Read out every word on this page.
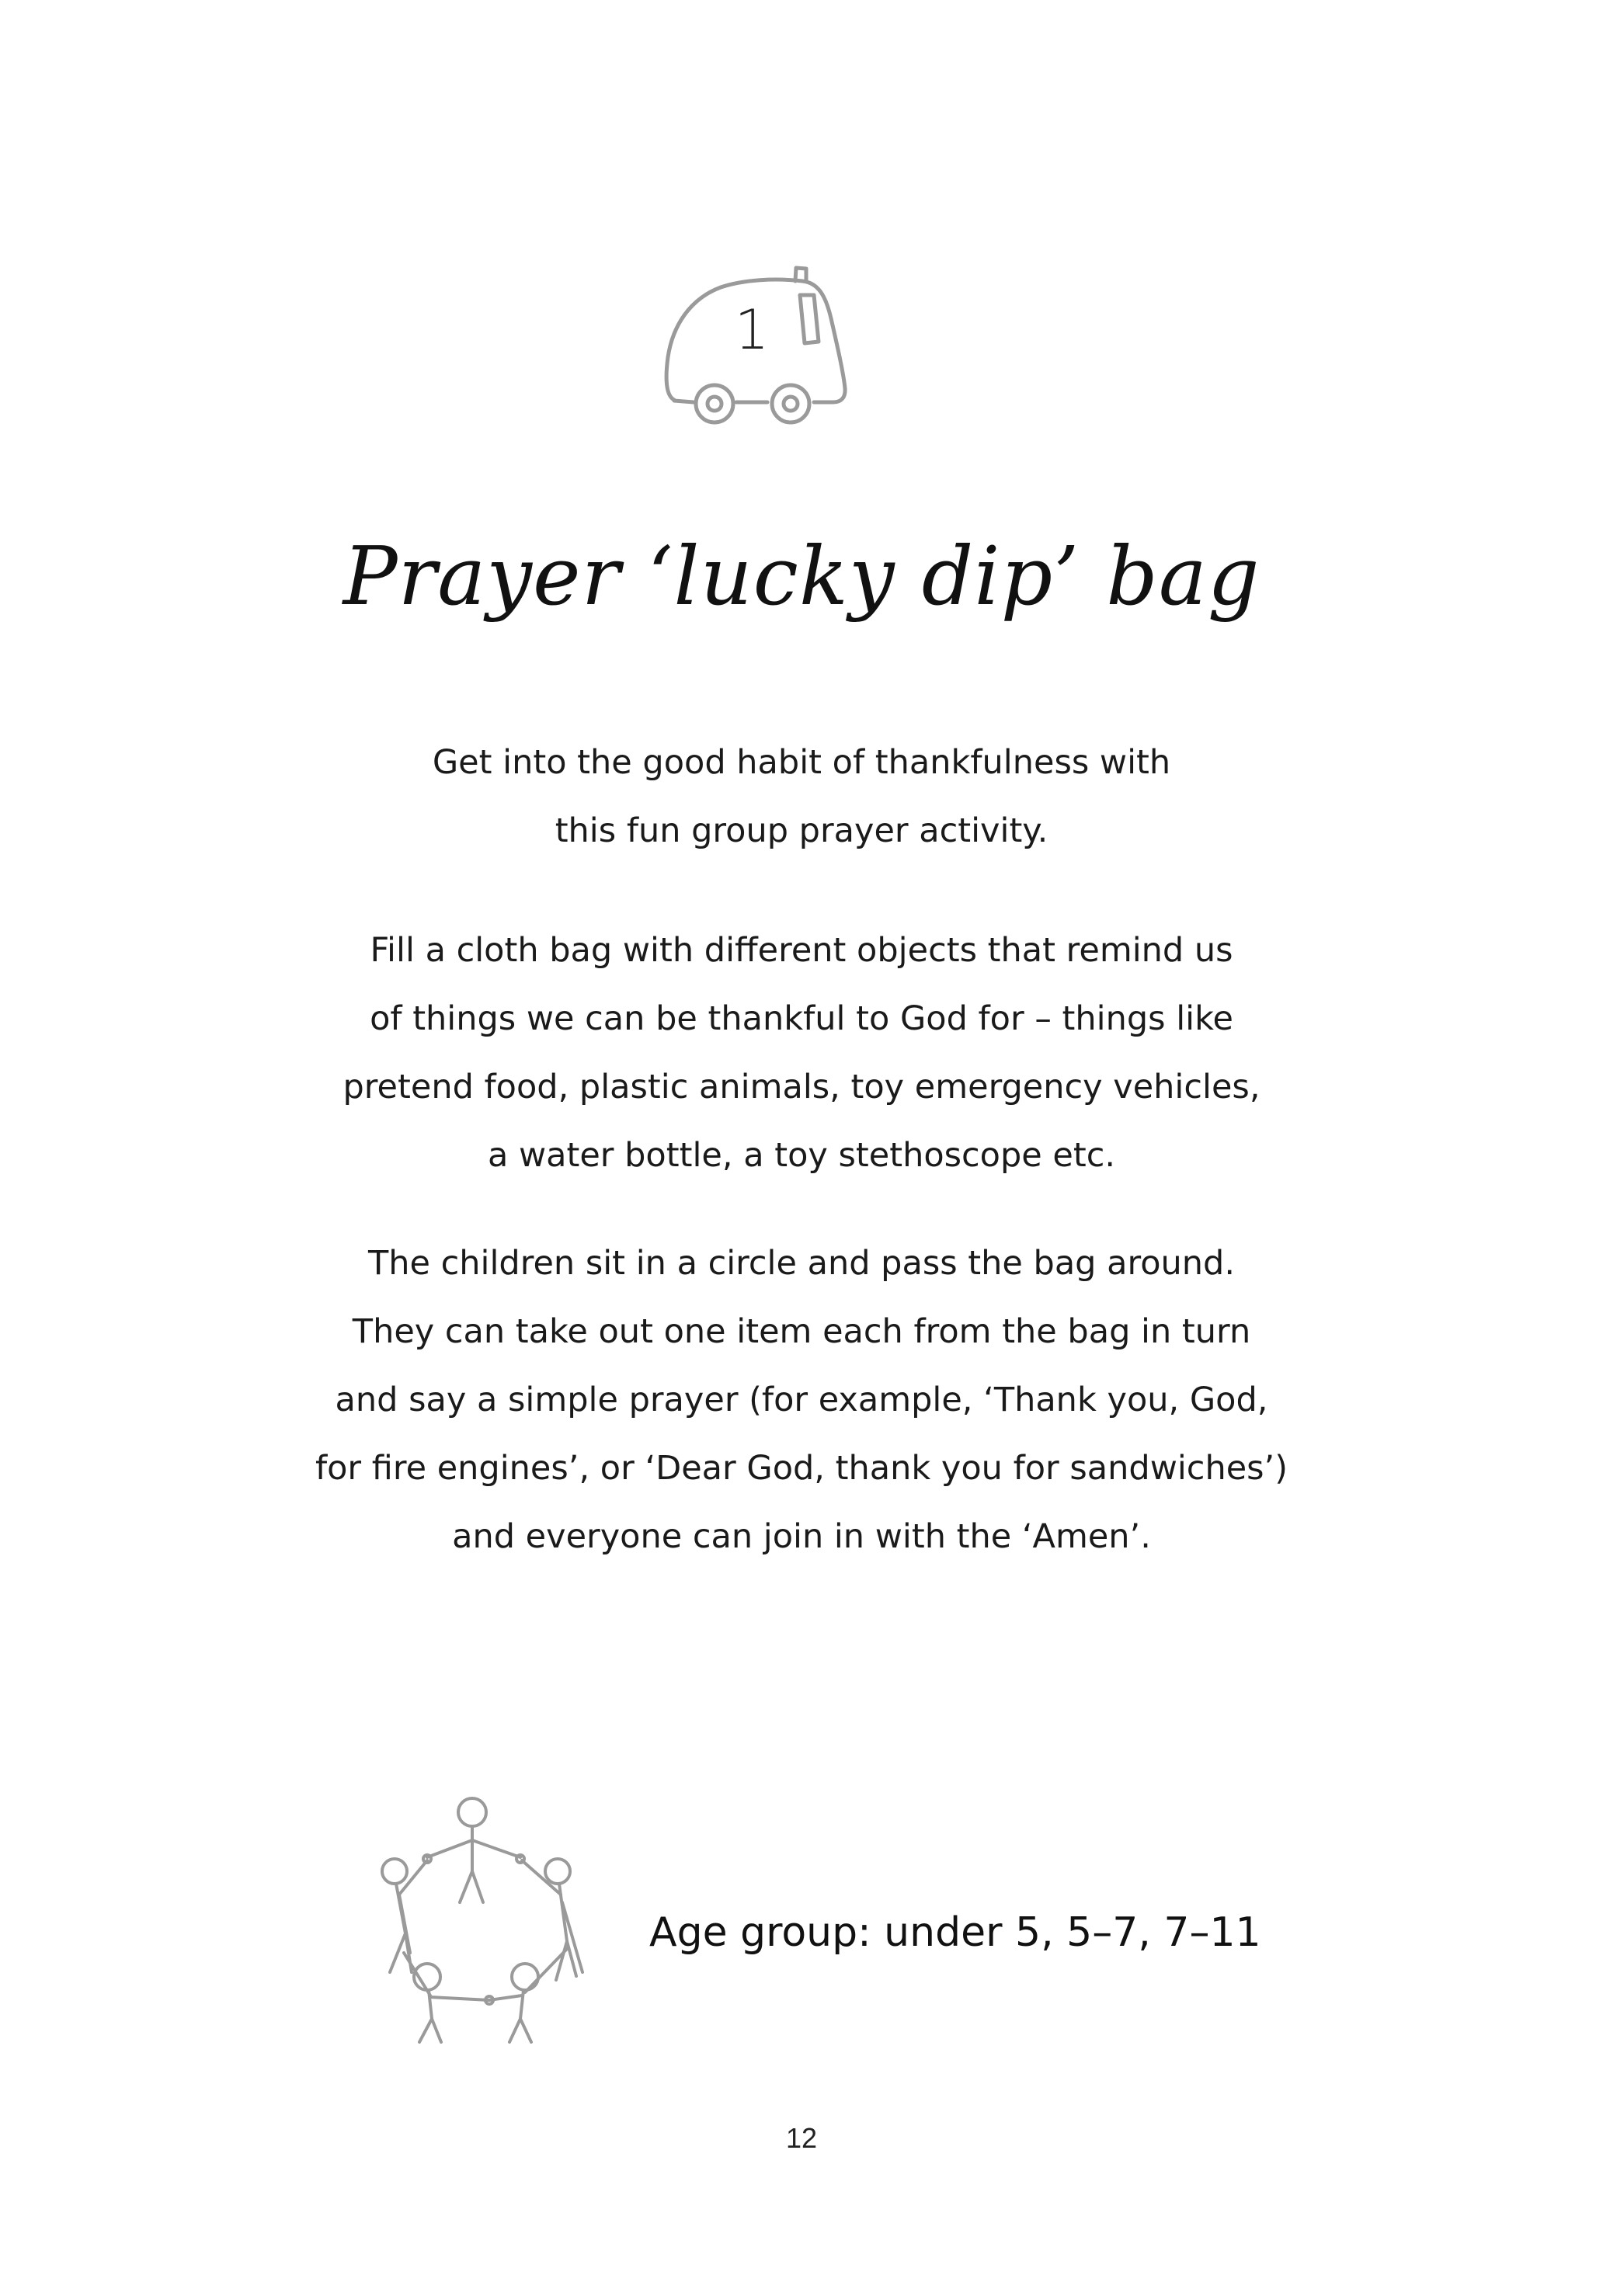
1
Prayer ‘lucky dip’ bag
Get into the good habit of thankfulness with
this fun group prayer activity.
Fill a cloth bag with different objects that remind us
of things we can be thankful to God for – things like
pretend food, plastic animals, toy emergency vehicles,
a water bottle, a toy stethoscope etc.
The children sit in a circle and pass the bag around.
They can take out one item each from the bag in turn
and say a simple prayer (for example, ‘Thank you, God,
for fire engines’, or ‘Dear God, thank you for sandwiches’)
and everyone can join in with the ‘Amen’.
Age group: under 5, 5–7, 7–11
12
